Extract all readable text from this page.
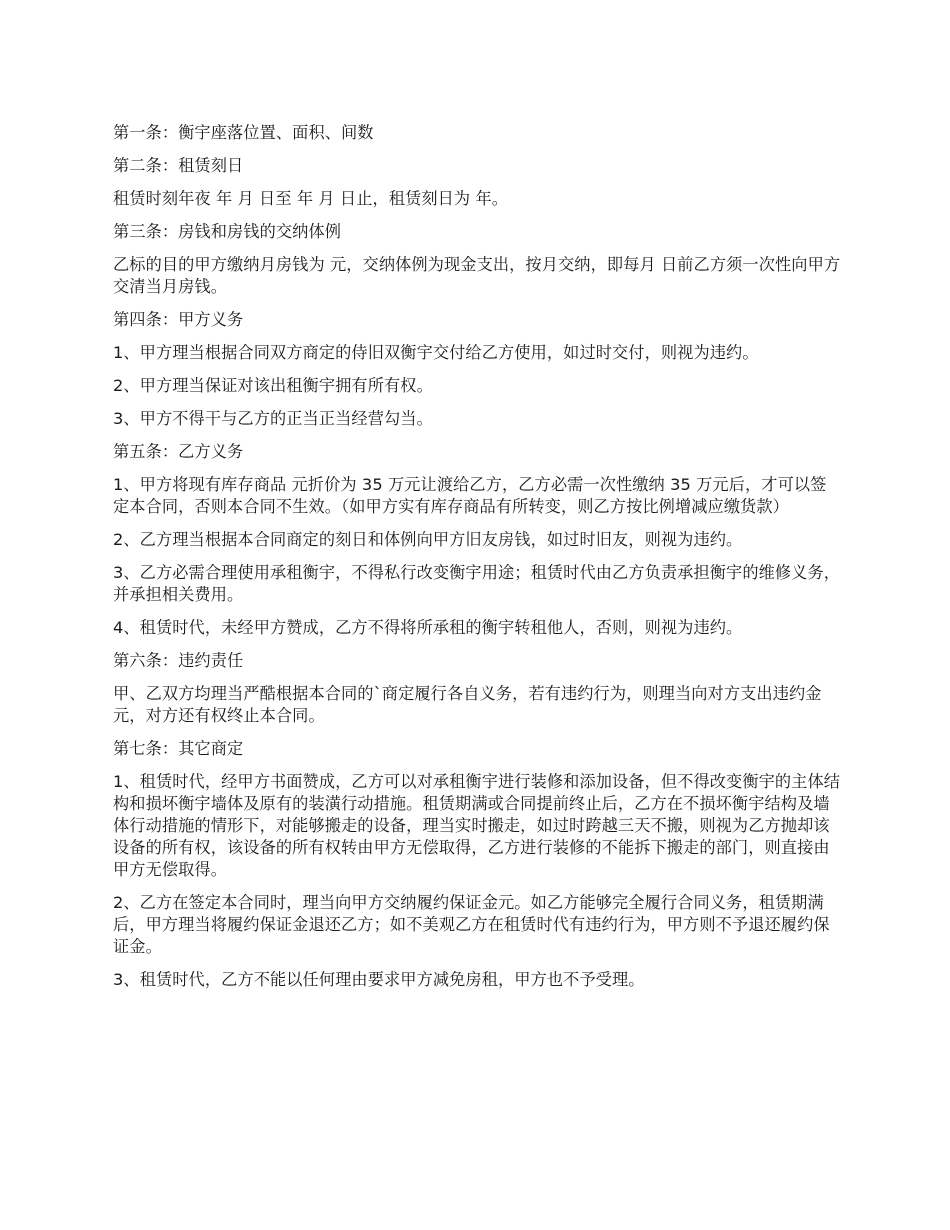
第一条：衡宇座落位置、面积、间数

第二条：租赁刻日

租赁时刻年夜 年 月 日至 年 月 日止，租赁刻日为 年。

第三条：房钱和房钱的交纳体例

乙标的目的甲方缴纳月房钱为 元，交纳体例为现金支出，按月交纳，即每月 日前乙方须一次性向甲方交清当月房钱。

第四条：甲方义务

1、甲方理当根据合同双方商定的侍旧双衡宇交付给乙方使用，如过时交付，则视为违约。

2、甲方理当保证对该出租衡宇拥有所有权。

3、甲方不得干与乙方的正当正当经营勾当。

第五条：乙方义务

1、甲方将现有库存商品 元折价为 35 万元让渡给乙方，乙方必需一次性缴纳 35 万元后，才可以签定本合同，否则本合同不生效。（如甲方实有库存商品有所转变，则乙方按比例增减应缴货款）

2、乙方理当根据本合同商定的刻日和体例向甲方旧友房钱，如过时旧友，则视为违约。

3、乙方必需合理使用承租衡宇，不得私行改变衡宇用途；租赁时代由乙方负责承担衡宇的维修义务，并承担相关费用。

4、租赁时代，未经甲方赞成，乙方不得将所承租的衡宇转租他人，否则，则视为违约。

第六条：违约责任

甲、乙双方均理当严酷根据本合同的`商定履行各自义务，若有违约行为，则理当向对方支出违约金 元，对方还有权终止本合同。

第七条：其它商定

1、租赁时代，经甲方书面赞成，乙方可以对承租衡宇进行装修和添加设备，但不得改变衡宇的主体结构和损坏衡宇墙体及原有的装潢行动措施。租赁期满或合同提前终止后，乙方在不损坏衡宇结构及墙体行动措施的情形下，对能够搬走的设备，理当实时搬走，如过时跨越三天不搬，则视为乙方抛却该设备的所有权，该设备的所有权转由甲方无偿取得，乙方进行装修的不能拆下搬走的部门，则直接由甲方无偿取得。

2、乙方在签定本合同时，理当向甲方交纳履约保证金元。如乙方能够完全履行合同义务，租赁期满后，甲方理当将履约保证金退还乙方；如不美观乙方在租赁时代有违约行为，甲方则不予退还履约保证金。

3、租赁时代，乙方不能以任何理由要求甲方减免房租，甲方也不予受理。
